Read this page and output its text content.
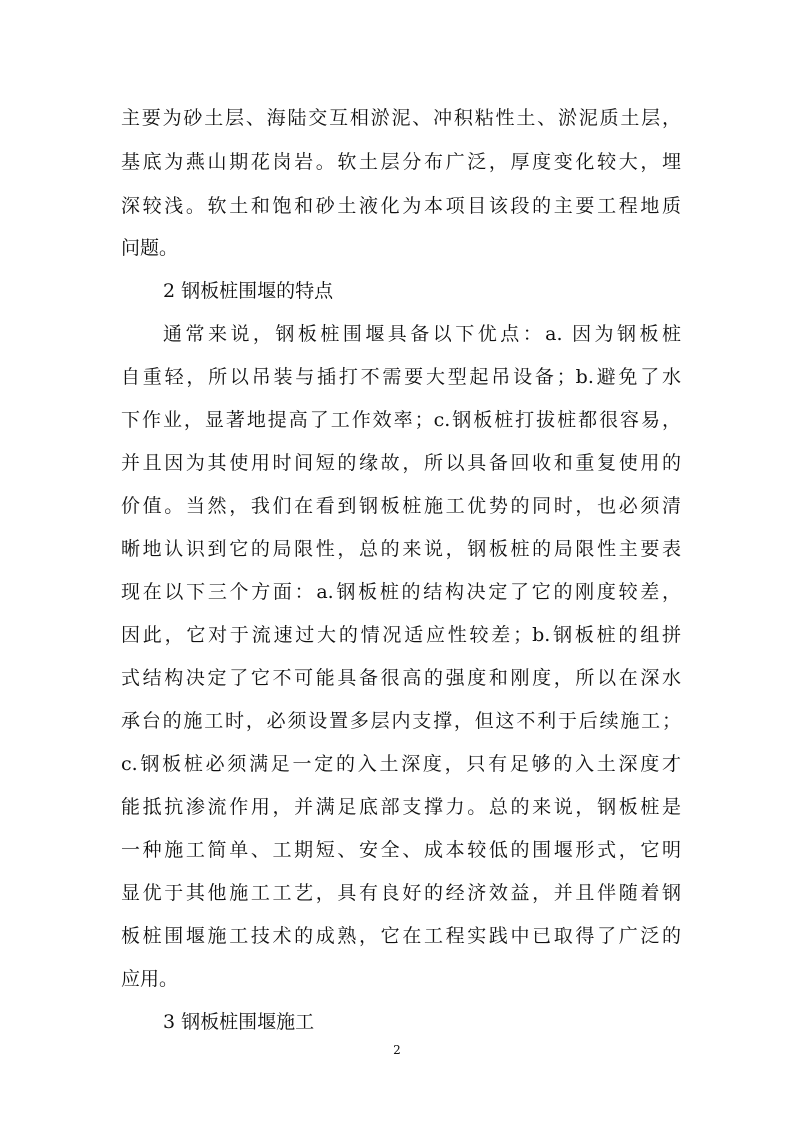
主要为砂土层、海陆交互相淤泥、冲积粘性土、淤泥质土层，
基底为燕山期花岗岩。软土层分布广泛，厚度变化较大，埋
深较浅。软土和饱和砂土液化为本项目该段的主要工程地质
问题。
2 钢板桩围堰的特点
通常来说，钢板桩围堰具备以下优点：a. 因为钢板桩
自重轻，所以吊装与插打不需要大型起吊设备；b.避免了水
下作业，显著地提高了工作效率；c.钢板桩打拔桩都很容易，
并且因为其使用时间短的缘故，所以具备回收和重复使用的
价值。当然，我们在看到钢板桩施工优势的同时，也必须清
晰地认识到它的局限性，总的来说，钢板桩的局限性主要表
现在以下三个方面：a.钢板桩的结构决定了它的刚度较差，
因此，它对于流速过大的情况适应性较差；b.钢板桩的组拼
式结构决定了它不可能具备很高的强度和刚度，所以在深水
承台的施工时，必须设置多层内支撑，但这不利于后续施工；
c.钢板桩必须满足一定的入土深度，只有足够的入土深度才
能抵抗渗流作用，并满足底部支撑力。总的来说，钢板桩是
一种施工简单、工期短、安全、成本较低的围堰形式，它明
显优于其他施工工艺，具有良好的经济效益，并且伴随着钢
板桩围堰施工技术的成熟，它在工程实践中已取得了广泛的
应用。
3 钢板桩围堰施工
2
